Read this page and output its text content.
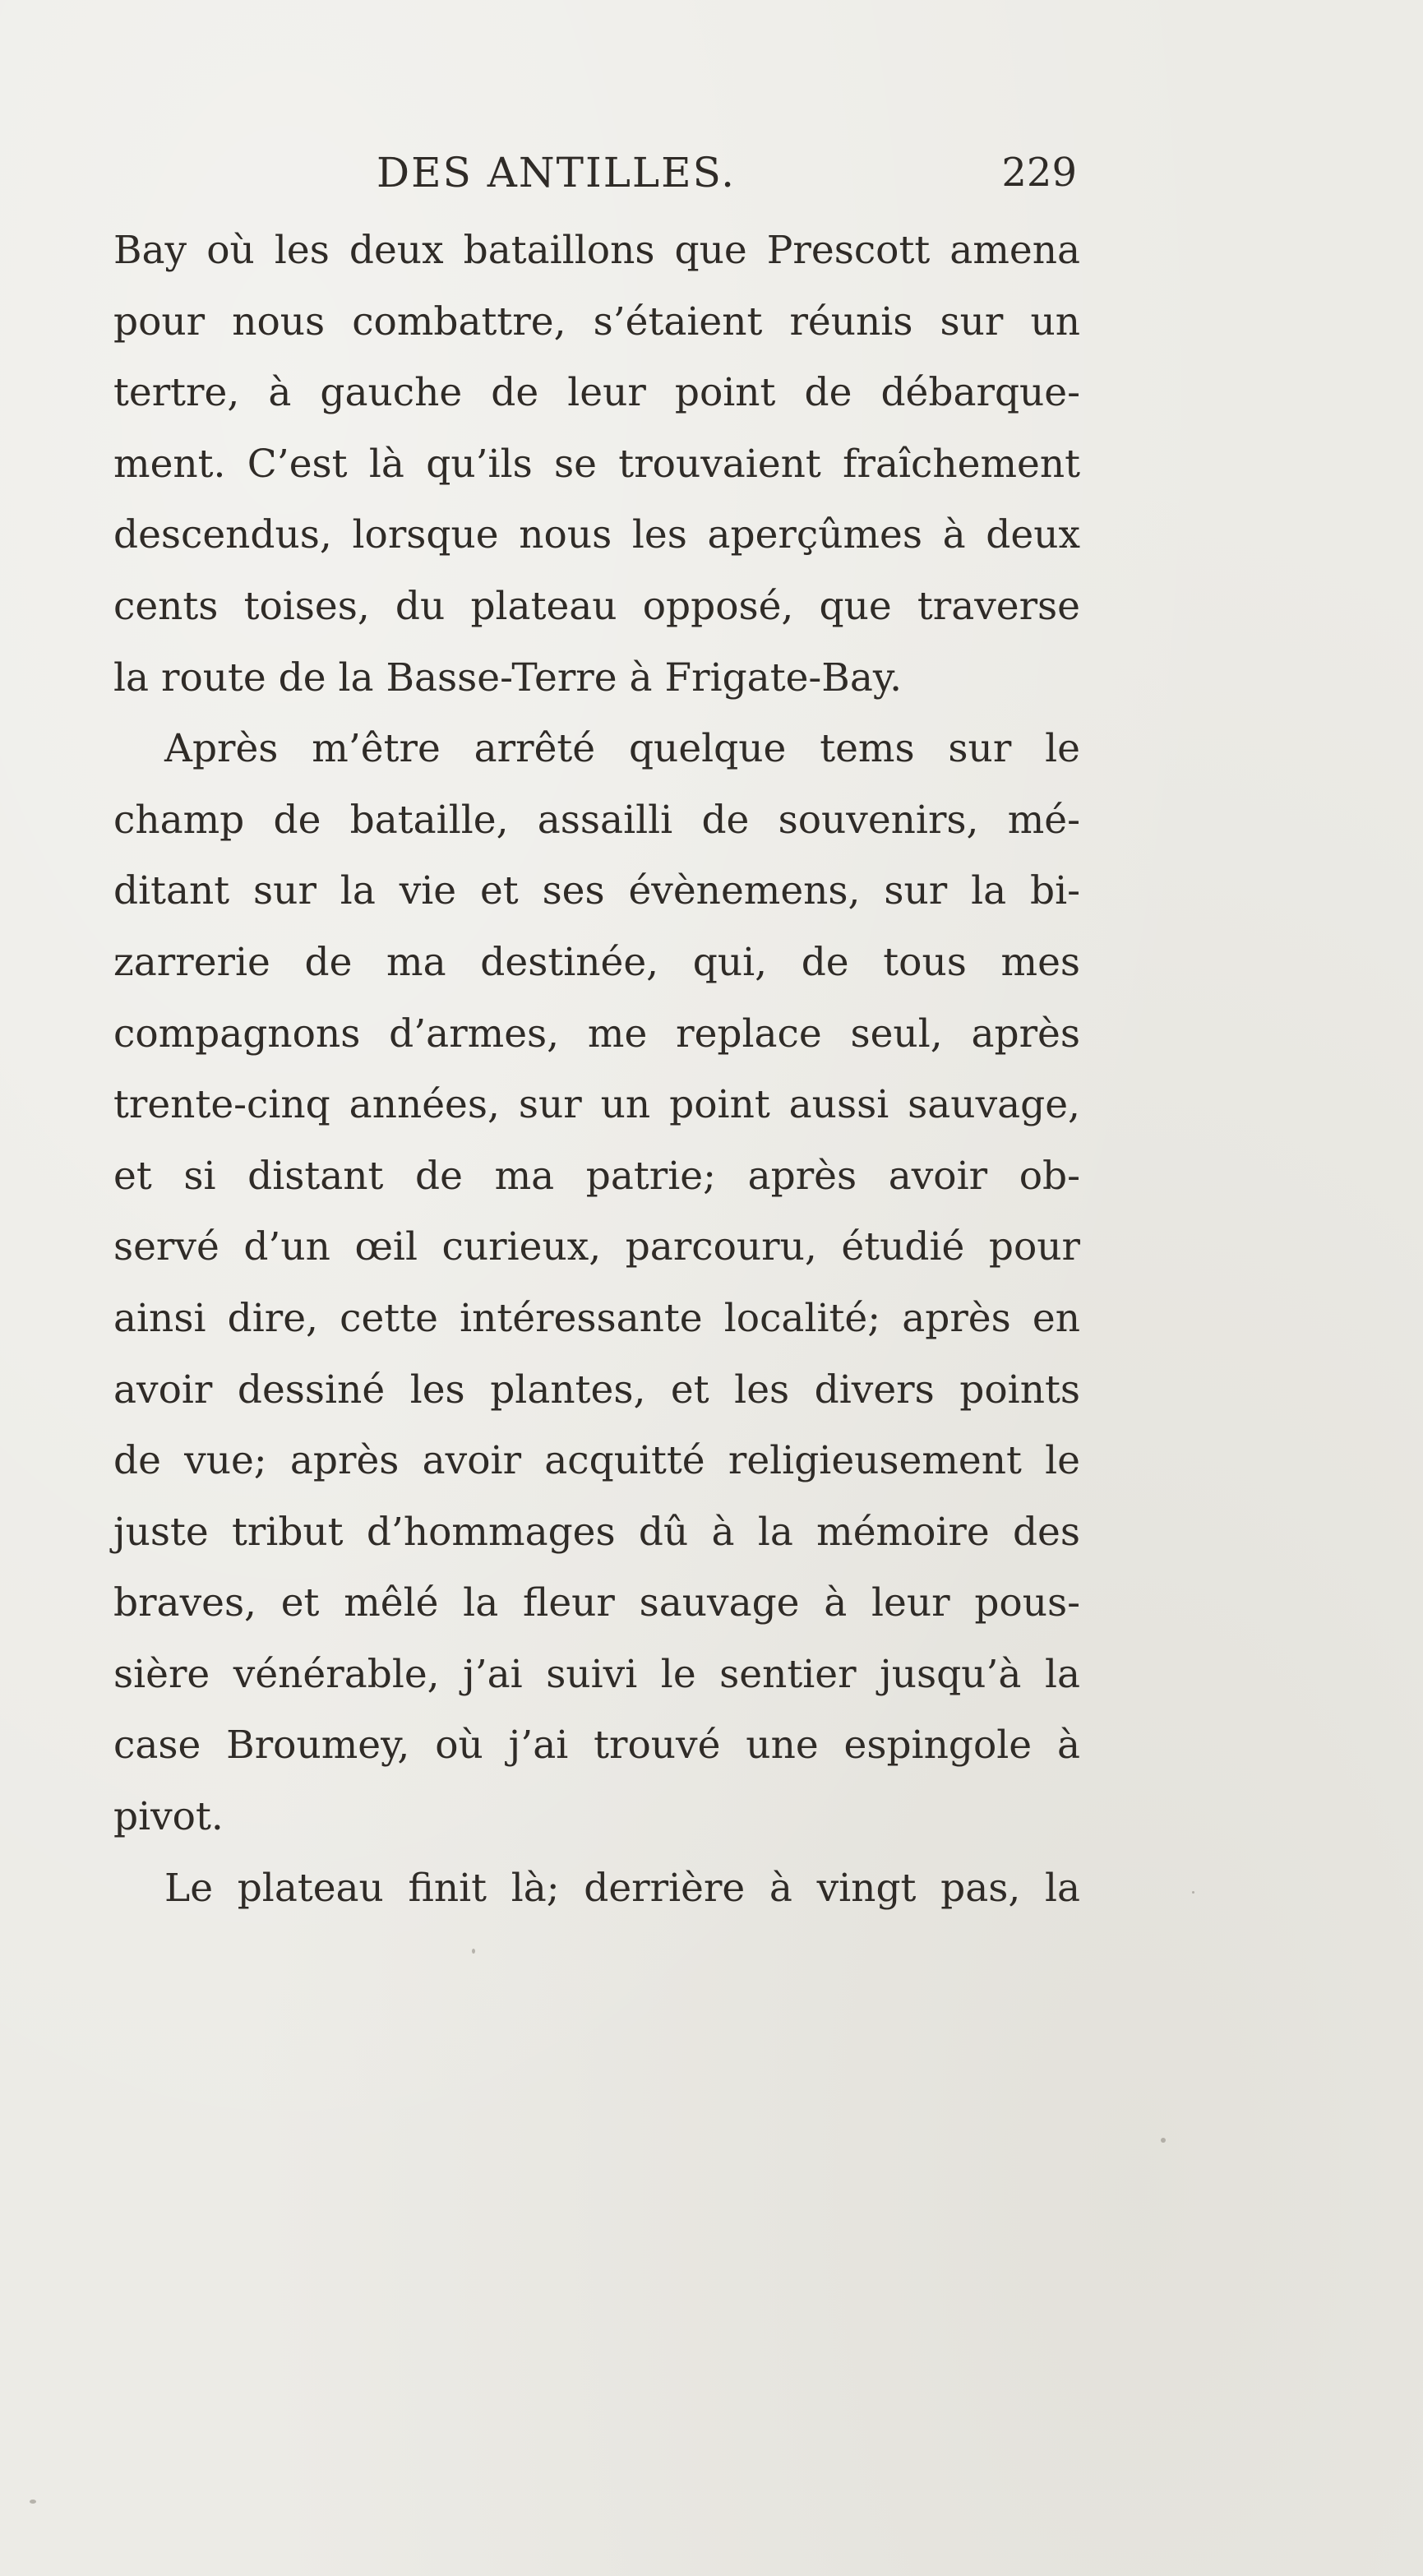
DES ANTILLES.	229
Bay où les deux bataillons que Prescott amena
pour nous combattre, s’étaient réunis sur un
tertre, à gauche de leur point de débarque-
ment. C’est là qu’ils se trouvaient fraîchement
descendus, lorsque nous les aperçûmes à deux
cents toises, du plateau opposé, que traverse
la route de la Basse-Terre à Frigate-Bay.
Après m’être arrêté quelque tems sur le
champ de bataille, assailli de souvenirs, mé-
ditant sur la vie et ses évènemens, sur la bi-
zarrerie de ma destinée, qui, de tous mes
compagnons d’armes, me replace seul, après
trente-cinq années, sur un point aussi sauvage,
et si distant de ma patrie; après avoir ob-
servé d’un œil curieux, parcouru, étudié pour
ainsi dire, cette intéressante localité; après en
avoir dessiné les plantes, et les divers points
de vue; après avoir acquitté religieusement le
juste tribut d’hommages dû à la mémoire des
braves, et mêlé la fleur sauvage à leur pous-
sière vénérable, j’ai suivi le sentier jusqu’à la
case Broumey, où j’ai trouvé une espingole à
pivot.
Le plateau finit là; derrière à vingt pas, la
